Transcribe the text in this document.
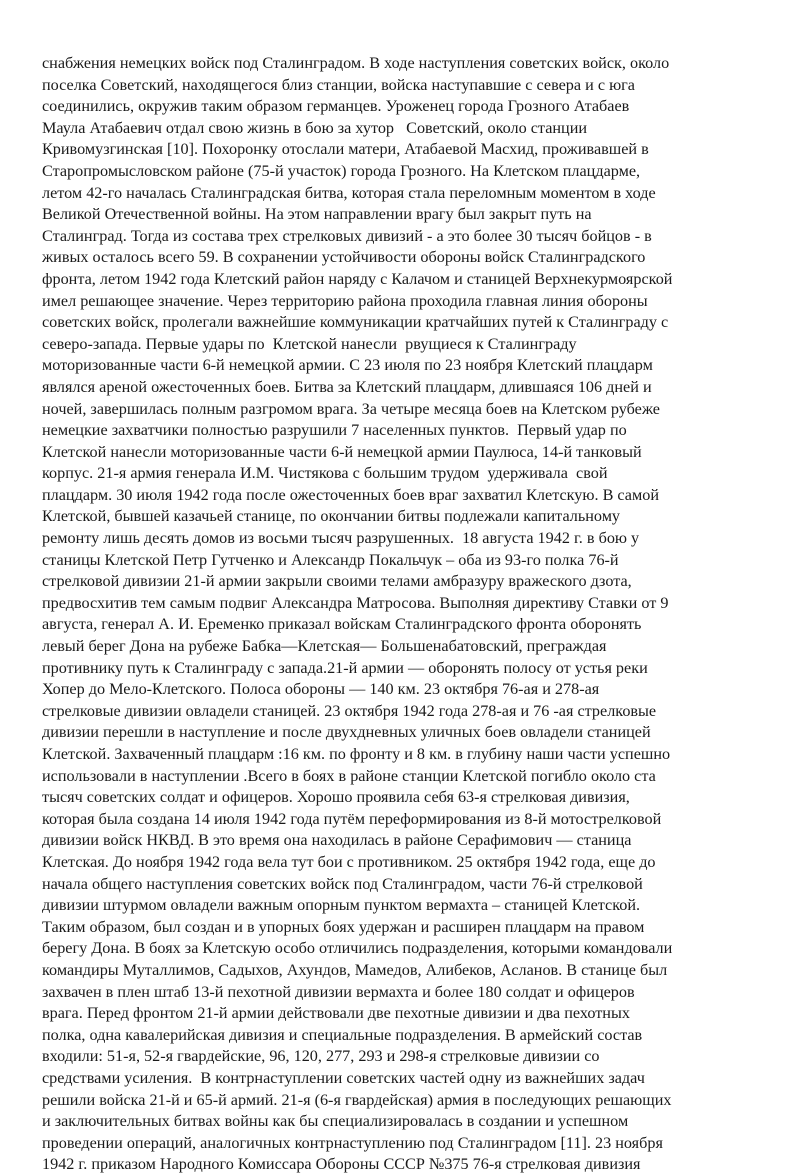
снабжения немецких войск под Сталинградом. В ходе наступления советских войск, около
поселка Советский, находящегося близ станции, войска наступавшие с севера и с юга
соединились, окружив таким образом германцев. Уроженец города Грозного Атабаев
Маула Атабаевич отдал свою жизнь в бою за хутор   Советский, около станции
Кривомузгинская [10]. Похоронку отослали матери, Атабаевой Масхид, проживавшей в
Старопромысловском районе (75-й участок) города Грозного. На Клетском плацдарме,
летом 42-го началась Сталинградская битва, которая стала переломным моментом в ходе
Великой Отечественной войны. На этом направлении врагу был закрыт путь на
Сталинград. Тогда из состава трех стрелковых дивизий - а это более 30 тысяч бойцов - в
живых осталось всего 59. В сохранении устойчивости обороны войск Сталинградского
фронта, летом 1942 года Клетский район наряду с Калачом и станицей Верхнекурмоярской
имел решающее значение. Через территорию района проходила главная линия обороны
советских войск, пролегали важнейшие коммуникации кратчайших путей к Сталинграду с
северо-запада. Первые удары по  Клетской нанесли  рвущиеся к Сталинграду
моторизованные части 6-й немецкой армии. С 23 июля по 23 ноября Клетский плацдарм
являлся ареной ожесточенных боев. Битва за Клетский плацдарм, длившаяся 106 дней и
ночей, завершилась полным разгромом врага. За четыре месяца боев на Клетском рубеже
немецкие захватчики полностью разрушили 7 населенных пунктов.  Первый удар по
Клетской нанесли моторизованные части 6-й немецкой армии Паулюса, 14-й танковый
корпус. 21-я армия генерала И.М. Чистякова с большим трудом  удерживала  свой
плацдарм. 30 июля 1942 года после ожесточенных боев враг захватил Клетскую. В самой
Клетской, бывшей казачьей станице, по окончании битвы подлежали капитальному
ремонту лишь десять домов из восьми тысяч разрушенных.  18 августа 1942 г. в бою у
станицы Клетской Петр Гутченко и Александр Покальчук – оба из 93-го полка 76-й
стрелковой дивизии 21-й армии закрыли своими телами амбразуру вражеского дзота,
предвосхитив тем самым подвиг Александра Матросова. Выполняя директиву Ставки от 9
августа, генерал А. И. Еременко приказал войскам Сталинградского фронта оборонять
левый берег Дона на рубеже Бабка—Клетская— Большенабатовский, преграждая
противнику путь к Сталинграду с запада.21-й армии — оборонять полосу от устья реки
Хопер до Мело-Клетского. Полоса обороны — 140 км. 23 октября 76-ая и 278-ая
стрелковые дивизии овладели станицей. 23 октября 1942 года 278-ая и 76 -ая стрелковые
дивизии перешли в наступление и после двухдневных уличных боев овладели станицей
Клетской. Захваченный плацдарм :16 км. по фронту и 8 км. в глубину наши части успешно
использовали в наступлении .Всего в боях в районе станции Клетской погибло около ста
тысяч советских солдат и офицеров. Хорошо проявила себя 63-я стрелковая дивизия,
которая была создана 14 июля 1942 года путём переформирования из 8-й мотострелковой
дивизии войск НКВД. В это время она находилась в районе Серафимович — станица
Клетская. До ноября 1942 года вела тут бои с противником. 25 октября 1942 года, еще до
начала общего наступления советских войск под Сталинградом, части 76-й стрелковой
дивизии штурмом овладели важным опорным пунктом вермахта – станицей Клетской.
Таким образом, был создан и в упорных боях удержан и расширен плацдарм на правом
берегу Дона. В боях за Клетскую особо отличились подразделения, которыми командовали
командиры Муталлимов, Садыхов, Ахундов, Мамедов, Алибеков, Асланов. В станице был
захвачен в плен штаб 13-й пехотной дивизии вермахта и более 180 солдат и офицеров
врага. Перед фронтом 21-й армии действовали две пехотные дивизии и два пехотных
полка, одна кавалерийская дивизия и специальные подразделения. В армейский состав
входили: 51-я, 52-я гвардейские, 96, 120, 277, 293 и 298-я стрелковые дивизии со
средствами усиления.  В контрнаступлении советских частей одну из важнейших задач
решили войска 21-й и 65-й армий. 21-я (6-я гвардейская) армия в последующих решающих
и заключительных битвах войны как бы специализировалась в создании и успешном
проведении операций, аналогичных контрнаступлению под Сталинградом [11]. 23 ноября
1942 г. приказом Народного Комиссара Обороны СССР №375 76-я стрелковая дивизия
